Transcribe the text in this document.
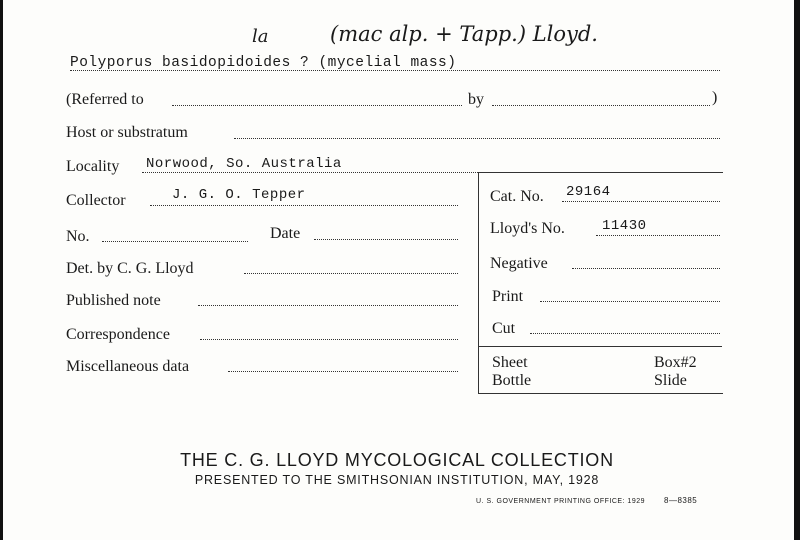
la	(mac alp. + Tapp.) Lloyd.
Polyporus basidopidoides ? (mycelial mass)
(Referred to	by	)
Host or substratum
Locality Norwood, So. Australia
Collector	J. G. O. Tepper
No.	Date
Det. by C. G. Lloyd
Published note
Correspondence
Miscellaneous data
Cat. No. 29164
Lloyd's No.	11430
Negative
Print
Cut
Sheet
Bottle
Box#2
Slide
THE C. G. LLOYD MYCOLOGICAL COLLECTION
PRESENTED TO THE SMITHSONIAN INSTITUTION, MAY, 1928
U. S. GOVERNMENT PRINTING OFFICE: 1929 8—8385
